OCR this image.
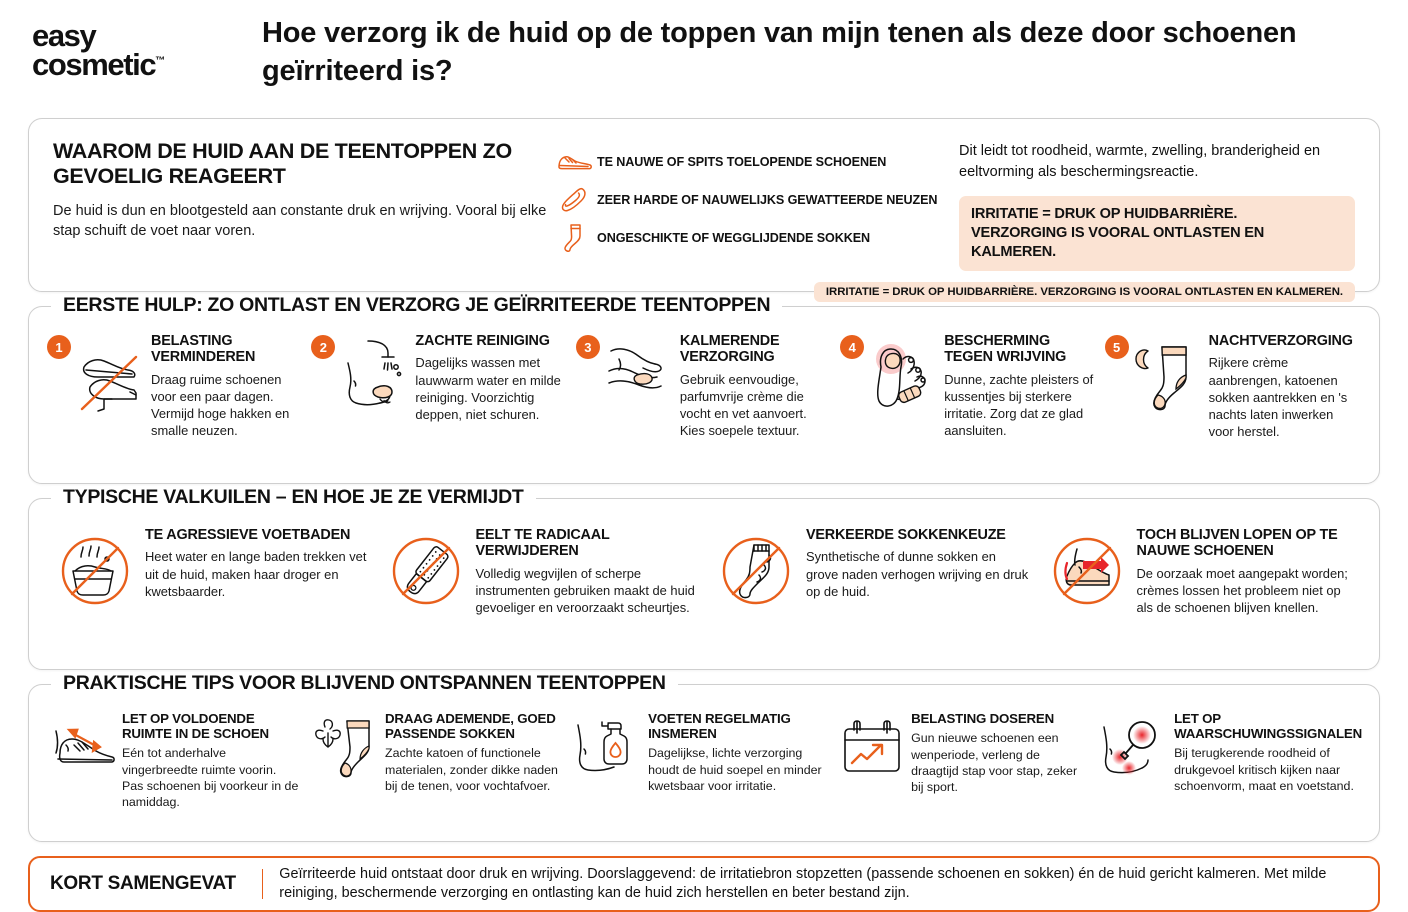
easy
cosmetic™
Hoe verzorg ik de huid op de toppen van mijn tenen als deze door schoenen geïrriteerd is?
WAAROM DE HUID AAN DE TEENTOPPEN ZO GEVOELIG REAGEERT
De huid is dun en blootgesteld aan constante druk en wrijving. Vooral bij elke stap schuift de voet naar voren.
TE NAUWE OF SPITS TOELOPENDE SCHOENEN
ZEER HARDE OF NAUWELIJKS GEWATTEERDE NEUZEN
ONGESCHIKTE OF WEGGLIJDENDE SOKKEN

Dit leidt tot roodheid, warmte, zwelling, branderigheid en eeltvorming als beschermingsreactie.

IRRITATIE = DRUK OP HUIDBARRIÈRE.
VERZORGING IS VOORAL ONTLASTEN EN KALMEREN.
IRRITATIE = DRUK OP HUIDBARRIÈRE. VERZORGING IS VOORAL ONTLASTEN EN KALMEREN.
EERSTE HULP: ZO ONTLAST EN VERZORG JE GEÏRRITEERDE TEENTOPPEN
1	BELASTING VERMINDEREN
Draag ruime schoenen voor een paar dagen. Vermijd hoge hakken en smalle neuzen.
2	ZACHTE REINIGING
Dagelijks wassen met lauwwarm water en milde reiniging. Voorzichtig deppen, niet schuren.
3	KALMERENDE VERZORGING
Gebruik eenvoudige, parfumvrije crème die vocht en vet aanvoert. Kies soepele textuur.
4	BESCHERMING TEGEN WRIJVING
Dunne, zachte pleisters of kussentjes bij sterkere irritatie. Zorg dat ze glad aansluiten.
5	NACHTVERZORGING
Rijkere crème aanbrengen, katoenen sokken aantrekken en 's nachts laten inwerken voor herstel.
TYPISCHE VALKUILEN – EN HOE JE ZE VERMIJDT
TE AGRESSIEVE VOETBADEN
Heet water en lange baden trekken vet uit de huid, maken haar droger en kwetsbaarder.
EELT TE RADICAAL VERWIJDEREN
Volledig wegvijlen of scherpe instrumenten gebruiken maakt de huid gevoeliger en veroorzaakt scheurtjes.
VERKEERDE SOKKENKEUZE
Synthetische of dunne sokken en grove naden verhogen wrijving en druk op de huid.
TOCH BLIJVEN LOPEN OP TE NAUWE SCHOENEN
De oorzaak moet aangepakt worden; crèmes lossen het probleem niet op als de schoenen blijven knellen.
PRAKTISCHE TIPS VOOR BLIJVEND ONTSPANNEN TEENTOPPEN
LET OP VOLDOENDE RUIMTE IN DE SCHOEN
Eén tot anderhalve vingerbreedte ruimte voorin. Pas schoenen bij voorkeur in de namiddag.
DRAAG ADEMENDE, GOED PASSENDE SOKKEN
Zachte katoen of functionele materialen, zonder dikke naden bij de tenen, voor vochtafvoer.
VOETEN REGELMATIG INSMEREN
Dagelijkse, lichte verzorging houdt de huid soepel en minder kwetsbaar voor irritatie.
BELASTING DOSEREN
Gun nieuwe schoenen een wenperiode, verleng de draagtijd stap voor stap, zeker bij sport.
LET OP WAARSCHUWINGSSIGNALEN
Bij terugkerende roodheid of drukgevoel kritisch kijken naar schoenvorm, maat en voetstand.
KORT SAMENGEVAT	Geïrriteerde huid ontstaat door druk en wrijving. Doorslaggevend: de irritatiebron stopzetten (passende schoenen en sokken) én de huid gericht kalmeren. Met milde reiniging, beschermende verzorging en ontlasting kan de huid zich herstellen en beter bestand zijn.
